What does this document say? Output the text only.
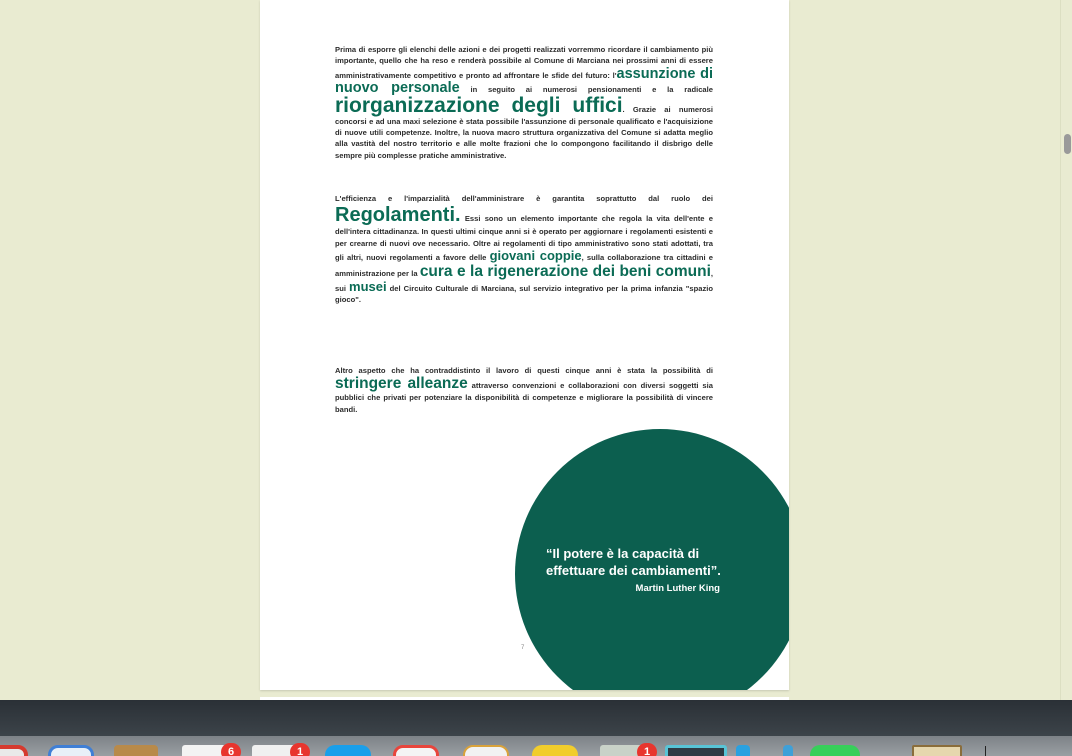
Prima di esporre gli elenchi delle azioni e dei progetti realizzati vorremmo ricordare il cambiamento più importante, quello che ha reso e renderà possibile al Comune di Marciana nei prossimi anni di essere amministrativamente competitivo e pronto ad affrontare le sfide del futuro: l'assunzione di nuovo personale in seguito ai numerosi pensionamenti e la radicale riorganizzazione degli uffici. Grazie ai numerosi concorsi e ad una maxi selezione è stata possibile l'assunzione di personale qualificato e l'acquisizione di nuove utili competenze. Inoltre, la nuova macro struttura organizzativa del Comune si adatta meglio alla vastità del nostro territorio e alle molte frazioni che lo compongono facilitando il disbrigo delle sempre più complesse pratiche amministrative.
L'efficienza e l'imparzialità dell'amministrare è garantita soprattutto dal ruolo dei Regolamenti. Essi sono un elemento importante che regola la vita dell'ente e dell'intera cittadinanza. In questi ultimi cinque anni si è operato per aggiornare i regolamenti esistenti e per crearne di nuovi ove necessario. Oltre ai regolamenti di tipo amministrativo sono stati adottati, tra gli altri, nuovi regolamenti a favore delle giovani coppie, sulla collaborazione tra cittadini e amministrazione per la cura e la rigenerazione dei beni comuni, sui musei del Circuito Culturale di Marciana, sul servizio integrativo per la prima infanzia "spazio gioco".
Altro aspetto che ha contraddistinto il lavoro di questi cinque anni è stata la possibilità di stringere alleanze attraverso convenzioni e collaborazioni con diversi soggetti sia pubblici che privati per potenziare la disponibilità di competenze e migliorare la possibilità di vincere bandi.
“Il potere è la capacità di effettuare dei cambiamenti”.
Martin Luther King
7
6	1	1
